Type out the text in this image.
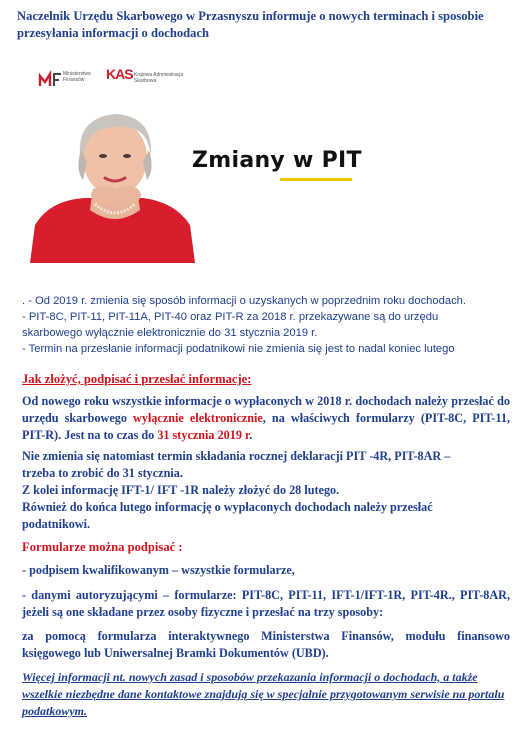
Naczelnik Urzędu Skarbowego w Przasnyszu informuje o nowych terminach i sposobie
przesyłania informacji o dochodach
Ministerstwo
Finansów	KAS Krajowa Administracja
Skarbowa
Zmiany w PIT

. - Od 2019 r. zmienia się sposób informacji o uzyskanych w poprzednim roku dochodach.

- PIT-8C, PIT-11, PIT-11A, PIT-40 oraz PIT-R za 2018 r. przekazywane są do urzędu

skarbowego wyłącznie elektronicznie do 31 stycznia 2019 r.

- Termin na przesłanie informacji podatnikowi nie zmienia się jest to nadal koniec lutego

Jak złożyć, podpisać i przesłać informacje:

Od nowego roku wszystkie informacje o wypłaconych w 2018 r. dochodach należy przesłać do urzędu skarbowego wyłącznie elektronicznie, na właściwych formularzy (PIT-8C, PIT-11, PIT-R). Jest na to czas do 31 stycznia 2019 r.

Nie zmienia się natomiast termin składania rocznej deklaracji PIT -4R, PIT-8AR –
trzeba to zrobić do 31 stycznia.
Z kolei informację IFT-1/ IFT -1R należy złożyć do 28 lutego.
Również do końca lutego informację o wypłaconych dochodach należy przesłać
podatnikowi.

Formularze można podpisać :

- podpisem kwalifikowanym – wszystkie formularze,

- danymi autoryzującymi – formularze: PIT-8C, PIT-11, IFT-1/IFT-1R, PIT-4R., PIT-8AR, jeżeli są one składane przez osoby fizyczne i przesłać na trzy sposoby:

za pomocą formularza interaktywnego Ministerstwa Finansów, modułu finansowo księgowego lub Uniwersalnej Bramki Dokumentów (UBD).

Więcej informacji nt. nowych zasad i sposobów przekazania informacji o dochodach, a także wszelkie niezbędne dane kontaktowe znajdują się w specjalnie przygotowanym serwisie na portalu podatkowym.
